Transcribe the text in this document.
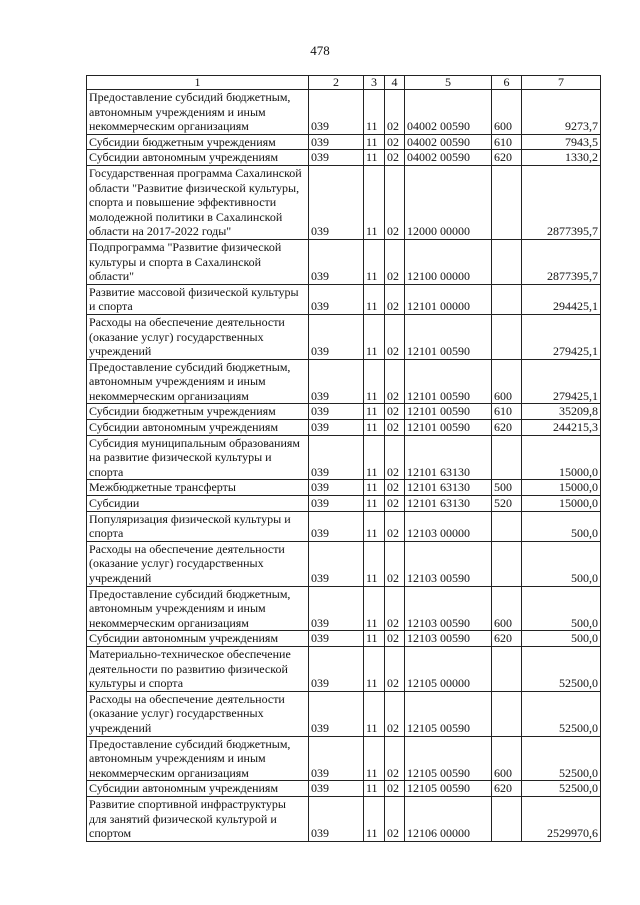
478
1	2	3	4	5	6	7
Предоставление субсидий бюджетным, автономным учреждениям и иным некоммерческим организациям	039	11	02	04002 00590	600	9273,7
Субсидии бюджетным учреждениям	039	11	02	04002 00590	610	7943,5
Субсидии автономным учреждениям	039	11	02	04002 00590	620	1330,2
Государственная программа Сахалинской области "Развитие физической культуры, спорта и повышение эффективности молодежной политики в Сахалинской области на 2017-2022 годы"	039	11	02	12000 00000		2877395,7
Подпрограмма "Развитие физической культуры и спорта в Сахалинской области"	039	11	02	12100 00000		2877395,7
Развитие массовой физической культуры и спорта	039	11	02	12101 00000		294425,1
Расходы на обеспечение деятельности (оказание услуг) государственных учреждений	039	11	02	12101 00590		279425,1
Предоставление субсидий бюджетным, автономным учреждениям и иным некоммерческим организациям	039	11	02	12101 00590	600	279425,1
Субсидии бюджетным учреждениям	039	11	02	12101 00590	610	35209,8
Субсидии автономным учреждениям	039	11	02	12101 00590	620	244215,3
Субсидия муниципальным образованиям на развитие физической культуры и спорта	039	11	02	12101 63130		15000,0
Межбюджетные трансферты	039	11	02	12101 63130	500	15000,0
Субсидии	039	11	02	12101 63130	520	15000,0
Популяризация физической культуры и спорта	039	11	02	12103 00000		500,0
Расходы на обеспечение деятельности (оказание услуг) государственных учреждений	039	11	02	12103 00590		500,0
Предоставление субсидий бюджетным, автономным учреждениям и иным некоммерческим организациям	039	11	02	12103 00590	600	500,0
Субсидии автономным учреждениям	039	11	02	12103 00590	620	500,0
Материально-техническое обеспечение деятельности по развитию физической культуры и спорта	039	11	02	12105 00000		52500,0
Расходы на обеспечение деятельности (оказание услуг) государственных учреждений	039	11	02	12105 00590		52500,0
Предоставление субсидий бюджетным, автономным учреждениям и иным некоммерческим организациям	039	11	02	12105 00590	600	52500,0
Субсидии автономным учреждениям	039	11	02	12105 00590	620	52500,0
Развитие спортивной инфраструктуры для занятий физической культурой и спортом	039	11	02	12106 00000		2529970,6
